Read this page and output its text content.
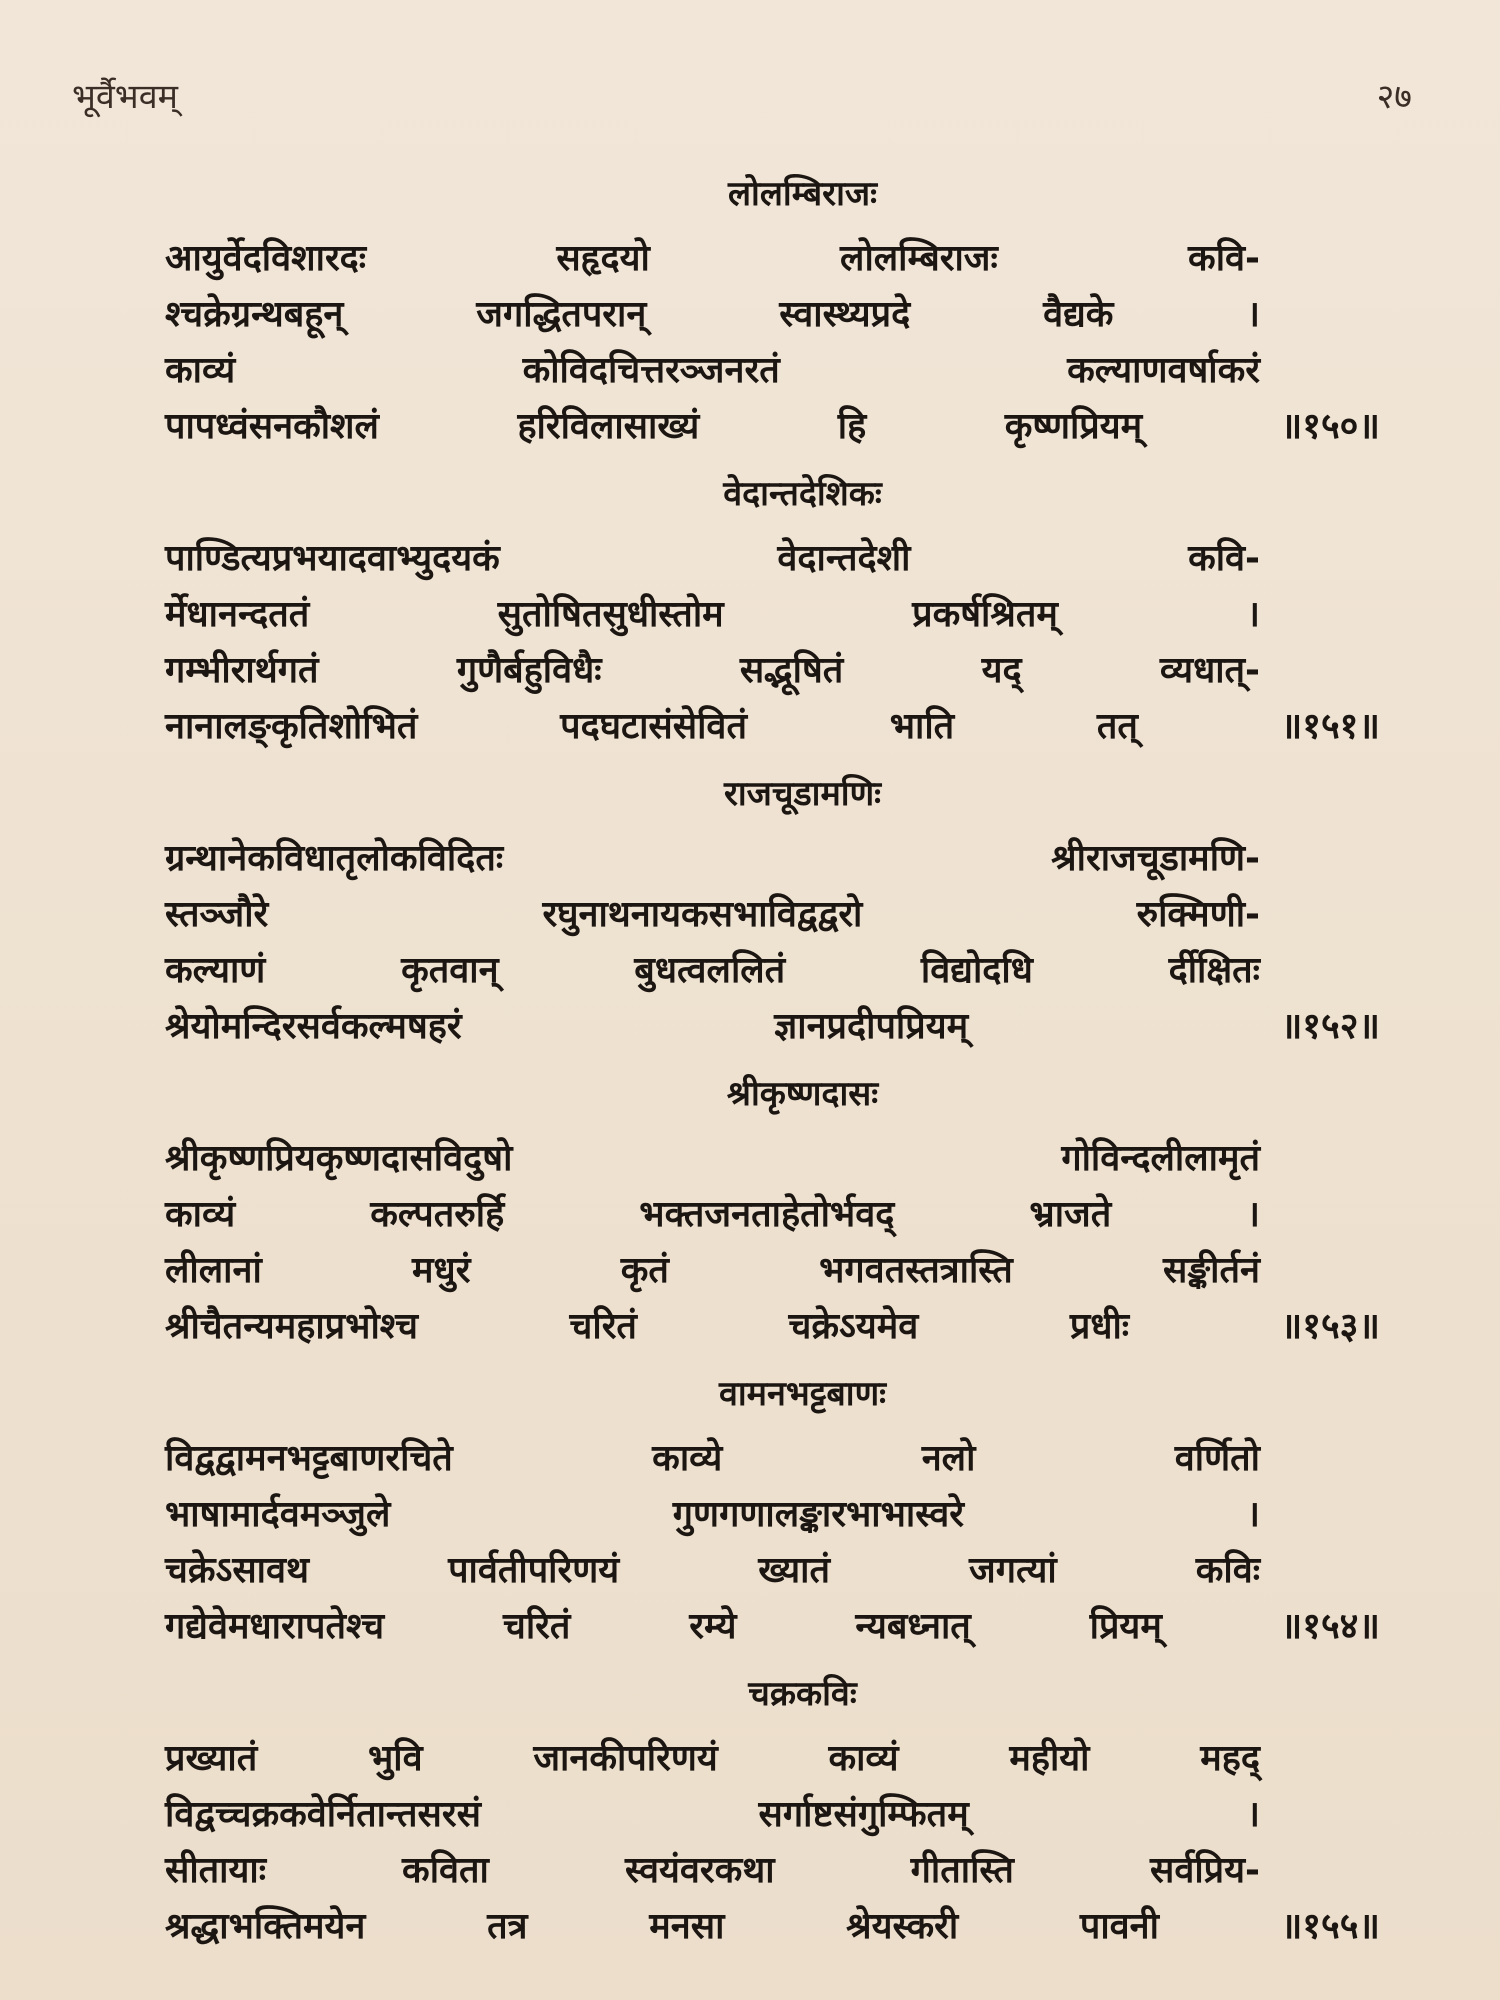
भूर्वैभवम्	२७
लोलम्बिराजः
आयुर्वेदविशारदः	सहृदयो	लोलम्बिराजः	कवि-
श्चक्रेग्रन्थबहून्	जगद्धितपरान्	स्वास्थ्यप्रदे	वैद्यके	।
काव्यं	कोविदचित्तरञ्जनरतं	कल्याणवर्षाकरं
पापध्वंसनकौशलं	हरिविलासाख्यं	हि	कृष्णप्रियम्	॥१५०॥
वेदान्तदेशिकः
पाण्डित्यप्रभयादवाभ्युदयकं	वेदान्तदेशी	कवि-
र्मेधानन्दततं	सुतोषितसुधीस्तोम	प्रकर्षश्रितम्	।
गम्भीरार्थगतं	गुणैर्बहुविधैः	सद्भूषितं	यद्	व्यधात्-
नानालङ्कृतिशोभितं	पदघटासंसेवितं	भाति	तत्	॥१५१॥
राजचूडामणिः
ग्रन्थानेकविधातृलोकविदितः	श्रीराजचूडामणि-
स्तञ्जौरे	रघुनाथनायकसभाविद्वद्वरो	रुक्मिणी-
कल्याणं	कृतवान्	बुधत्वललितं	विद्योदधि	र्दीक्षितः
श्रेयोमन्दिरसर्वकल्मषहरं	ज्ञानप्रदीपप्रियम्	॥१५२॥
श्रीकृष्णदासः
श्रीकृष्णप्रियकृष्णदासविदुषो	गोविन्दलीलामृतं
काव्यं	कल्पतरुर्हि	भक्तजनताहेतोर्भवद्	भ्राजते	।
लीलानां	मधुरं	कृतं	भगवतस्तत्रास्ति	सङ्कीर्तनं
श्रीचैतन्यमहाप्रभोश्च	चरितं	चक्रेऽयमेव	प्रधीः	॥१५३॥
वामनभट्टबाणः
विद्वद्वामनभट्टबाणरचिते	काव्ये	नलो	वर्णितो
भाषामार्दवमञ्जुले	गुणगणालङ्कारभाभास्वरे	।
चक्रेऽसावथ	पार्वतीपरिणयं	ख्यातं	जगत्यां	कविः
गद्येवेमधारापतेश्च	चरितं	रम्ये	न्यबध्नात्	प्रियम्	॥१५४॥
चक्रकविः
प्रख्यातं	भुवि	जानकीपरिणयं	काव्यं	महीयो	महद्
विद्वच्चक्रकवेर्नितान्तसरसं	सर्गाष्टसंगुम्फितम्	।
सीतायाः	कविता	स्वयंवरकथा	गीतास्ति	सर्वप्रिय-
श्रद्धाभक्तिमयेन	तत्र	मनसा	श्रेयस्करी	पावनी	॥१५५॥
